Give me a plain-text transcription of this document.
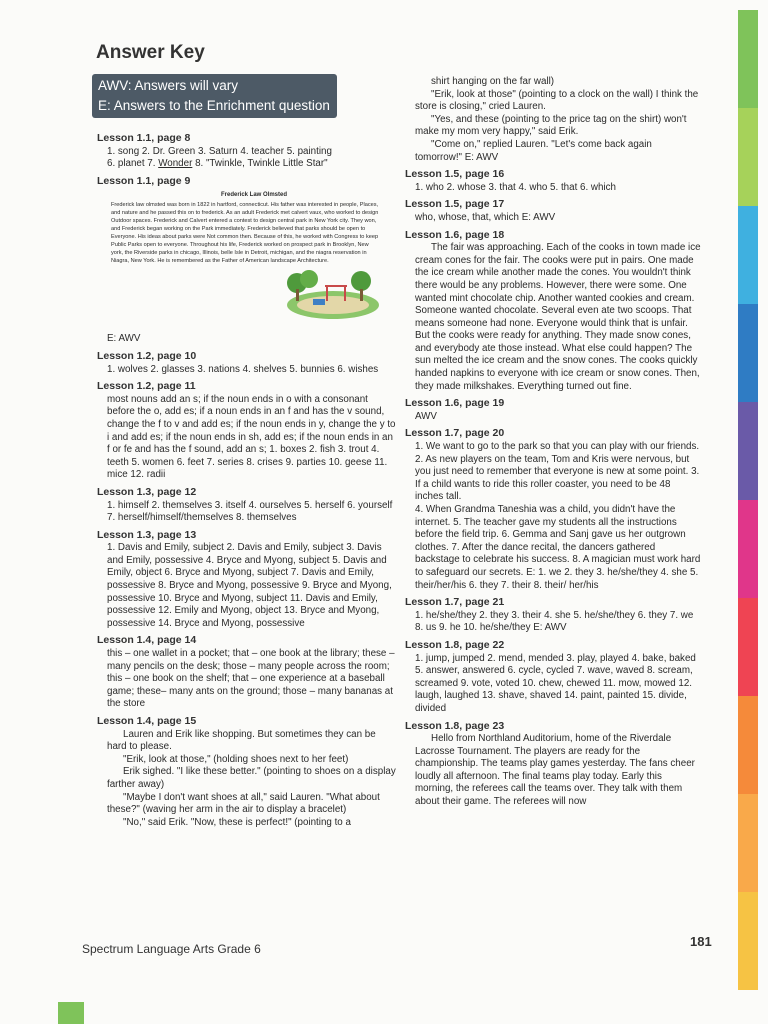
Answer Key
AWV: Answers will vary
E: Answers to the Enrichment question
Lesson 1.1, page 8
1. song 2. Dr. Green 3. Saturn 4. teacher 5. painting
6. planet 7. Wonder 8. "Twinkle, Twinkle Little Star"
Lesson 1.1, page 9
Frederick Law Olmsted
Frederick law olmsted was born in 1822 in hartford, connecticut. His father was interested in people, Places, and nature and he passed this on to frederick. As an adult Frederick met calvert vaux, who worked to design Outdoor spaces. Frederick and Calvert entered a contest to design central park in New York city. They won, and Frederick began working on the Park immediately. Frederick believed that parks should be open to Everyone. His ideas about parks were Not common then. Because of this, he worked with Congress to keep Public Parks open to everyone. Throughout his life, Frederick worked on prospect park in Brooklyn, New york, the Riverside parks in chicago, Illinois, belle Isle in Detroit, michigan, and the niagra reservation in Niagra, New York. He is remembered as the Father of American landscape Architecture.
E: AWV
Lesson 1.2, page 10
1. wolves 2. glasses 3. nations 4. shelves 5. bunnies 6. wishes
Lesson 1.2, page 11
most nouns add an s; if the noun ends in o with a consonant before the o, add es; if a noun ends in an f and has the v sound, change the f to v and add es; if the noun ends in y, change the y to i and add es; if the noun ends in sh, add es; if the noun ends in an f or fe and has the f sound, add an s; 1. boxes 2. fish 3. trout 4. teeth 5. women 6. feet 7. series 8. crises 9. parties 10. geese 11. mice 12. radii
Lesson 1.3, page 12
1. himself 2. themselves 3. itself 4. ourselves 5. herself 6. yourself 7. herself/himself/themselves 8. themselves
Lesson 1.3, page 13
1. Davis and Emily, subject 2. Davis and Emily, subject 3. Davis and Emily, possessive 4. Bryce and Myong, subject 5. Davis and Emily, object 6. Bryce and Myong, subject 7. Davis and Emily, possessive 8. Bryce and Myong, possessive 9. Bryce and Myong, possessive 10. Bryce and Myong, subject 11. Davis and Emily, possessive 12. Emily and Myong, object 13. Bryce and Myong, possessive 14. Bryce and Myong, possessive
Lesson 1.4, page 14
this – one wallet in a pocket; that – one book at the library; these – many pencils on the desk; those – many people across the room; this – one book on the shelf; that – one experience at a baseball game; these– many ants on the ground; those – many bananas at the store
Lesson 1.4, page 15

Lauren and Erik like shopping. But sometimes they can be hard to please.

"Erik, look at those," (holding shoes next to her feet)

Erik sighed. "I like these better." (pointing to shoes on a display farther away)

"Maybe I don't want shoes at all," said Lauren. "What about these?" (waving her arm in the air to display a bracelet)

"No," said Erik. "Now, these is perfect!" (pointing to a

shirt hanging on the far wall)

"Erik, look at those" (pointing to a clock on the wall) I think the store is closing," cried Lauren.

"Yes, and these (pointing to the price tag on the shirt) won't make my mom very happy," said Erik.

"Come on," replied Lauren. "Let's come back again tomorrow!" E: AWV

Lesson 1.5, page 16
1. who 2. whose 3. that 4. who 5. that 6. which
Lesson 1.5, page 17
who, whose, that, which E: AWV
Lesson 1.6, page 18

The fair was approaching. Each of the cooks in town made ice cream cones for the fair. The cooks were put in pairs. One made the ice cream while another made the cones. You wouldn't think there would be any problems. However, there were some. One wanted mint chocolate chip. Another wanted cookies and cream. Someone wanted chocolate. Several even ate two scoops. That means someone had none. Everyone would think that is unfair. But the cooks were ready for anything. They made snow cones, and everybody ate those instead. What else could happen? The sun melted the ice cream and the snow cones. The cooks quickly handed napkins to everyone with ice cream or snow cones. Then, they made milkshakes. Everything turned out fine.

Lesson 1.6, page 19
AWV
Lesson 1.7, page 20
1. We want to go to the park so that you can play with our friends. 2. As new players on the team, Tom and Kris were nervous, but you just need to remember that everyone is new at some point. 3. If a child wants to ride this roller coaster, you need to be 48 inches tall.
4. When Grandma Taneshia was a child, you didn't have the internet. 5. The teacher gave my students all the instructions before the field trip. 6. Gemma and Sanj gave us her outgrown clothes. 7. After the dance recital, the dancers gathered backstage to celebrate his success. 8. A magician must work hard to safeguard our secrets. E: 1. we 2. they 3. he/she/they 4. she 5. their/her/his 6. they 7. their 8. their/ her/his
Lesson 1.7, page 21
1. he/she/they 2. they 3. their 4. she 5. he/she/they 6. they 7. we 8. us 9. he 10. he/she/they E: AWV
Lesson 1.8, page 22
1. jump, jumped 2. mend, mended 3. play, played 4. bake, baked 5. answer, answered 6. cycle, cycled 7. wave, waved 8. scream, screamed 9. vote, voted 10. chew, chewed 11. mow, mowed 12. laugh, laughed 13. shave, shaved 14. paint, painted 15. divide, divided
Lesson 1.8, page 23

Hello from Northland Auditorium, home of the Riverdale Lacrosse Tournament. The players are ready for the championship. The teams play games yesterday. The fans cheer loudly all afternoon. The final teams play today. Early this morning, the referees call the teams over. They talk with them about their game. The referees will now

Spectrum Language Arts Grade 6	181
